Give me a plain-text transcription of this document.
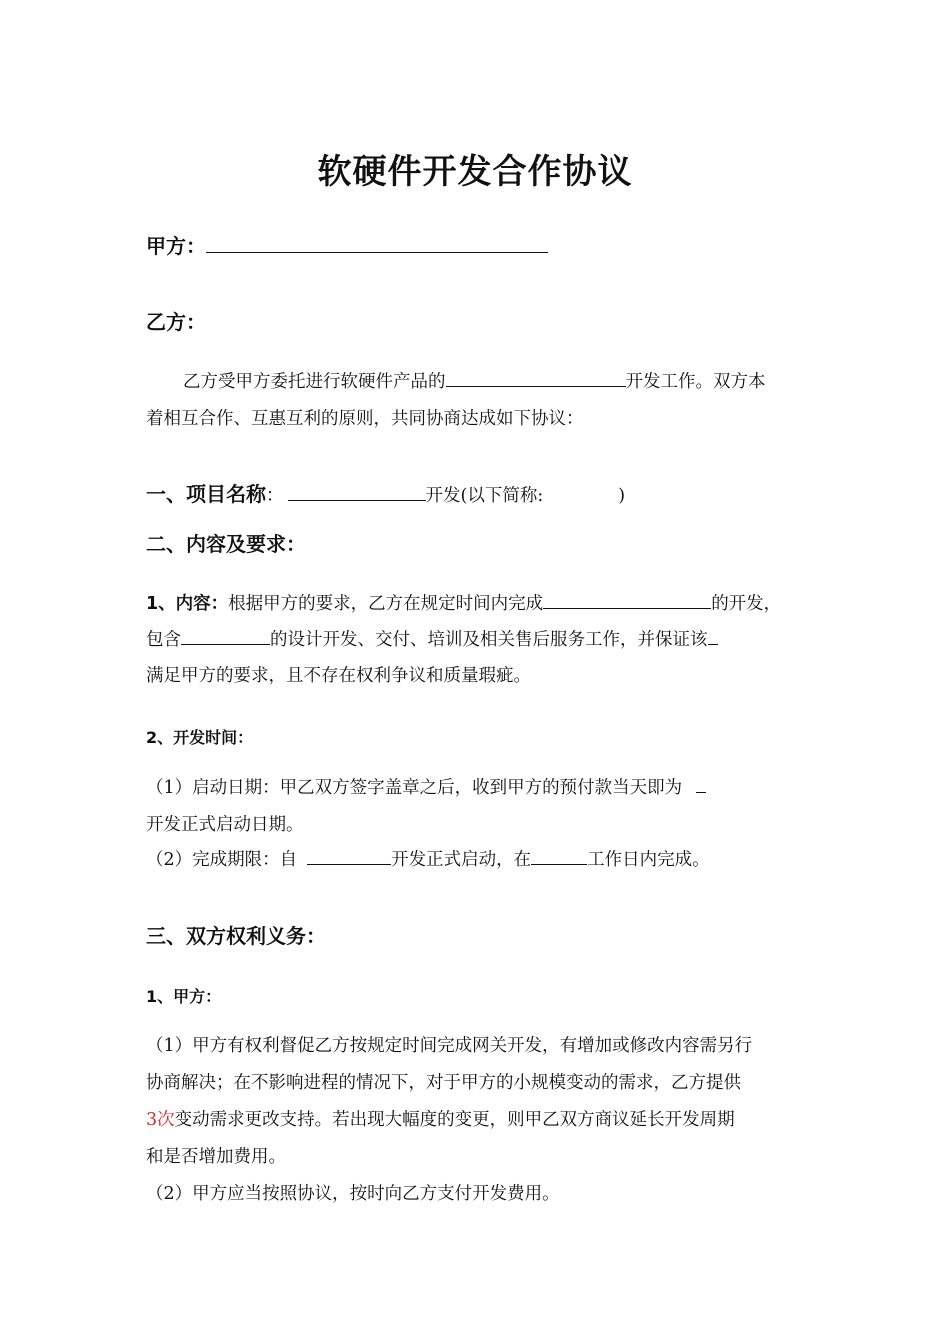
软硬件开发合作协议
甲方：
乙方：
乙方受甲方委托进行软硬件产品的	开发工作。双方本
着相互合作、互惠互利的原则，共同协商达成如下协议：
一、项目名称：	开发(以下简称:	)
二、内容及要求：
1、内容：根据甲方的要求，乙方在规定时间内完成	的开发，
包含	的设计开发、交付、培训及相关售后服务工作，并保证该
满足甲方的要求，且不存在权利争议和质量瑕疵。
2、开发时间：
（1）启动日期：甲乙双方签字盖章之后，收到甲方的预付款当天即为
开发正式启动日期。
（2）完成期限：自	开发正式启动，在	工作日内完成。
三、双方权利义务：
1、甲方：
（1）甲方有权利督促乙方按规定时间完成网关开发，有增加或修改内容需另行
协商解决；在不影响进程的情况下，对于甲方的小规模变动的需求，乙方提供
3次变动需求更改支持。若出现大幅度的变更，则甲乙双方商议延长开发周期
和是否增加费用。
（2）甲方应当按照协议，按时向乙方支付开发费用。
